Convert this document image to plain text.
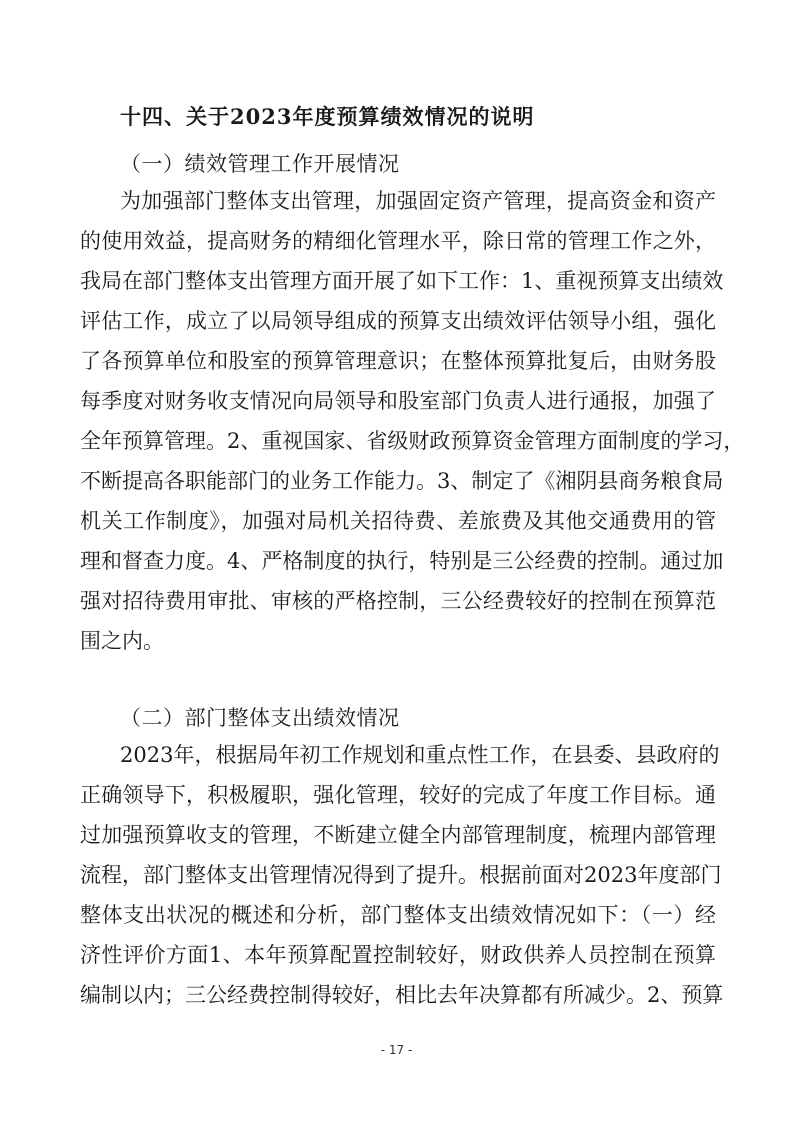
十四、关于2023年度预算绩效情况的说明
（一）绩效管理工作开展情况
为加强部门整体支出管理，加强固定资产管理，提高资金和资产
的使用效益，提高财务的精细化管理水平，除日常的管理工作之外，
我局在部门整体支出管理方面开展了如下工作：1、重视预算支出绩效
评估工作，成立了以局领导组成的预算支出绩效评估领导小组，强化
了各预算单位和股室的预算管理意识；在整体预算批复后，由财务股
每季度对财务收支情况向局领导和股室部门负责人进行通报，加强了
全年预算管理。2、重视国家、省级财政预算资金管理方面制度的学习，
不断提高各职能部门的业务工作能力。3、制定了《湘阴县商务粮食局
机关工作制度》，加强对局机关招待费、差旅费及其他交通费用的管
理和督查力度。4、严格制度的执行，特别是三公经费的控制。通过加
强对招待费用审批、审核的严格控制，三公经费较好的控制在预算范
围之内。
（二）部门整体支出绩效情况
2023年，根据局年初工作规划和重点性工作，在县委、县政府的
正确领导下，积极履职，强化管理，较好的完成了年度工作目标。通
过加强预算收支的管理，不断建立健全内部管理制度，梳理内部管理
流程，部门整体支出管理情况得到了提升。根据前面对2023年度部门
整体支出状况的概述和分析，部门整体支出绩效情况如下：（一）经
济性评价方面1、本年预算配置控制较好，财政供养人员控制在预算
编制以内；三公经费控制得较好，相比去年决算都有所减少。2、预算
- 17 -
